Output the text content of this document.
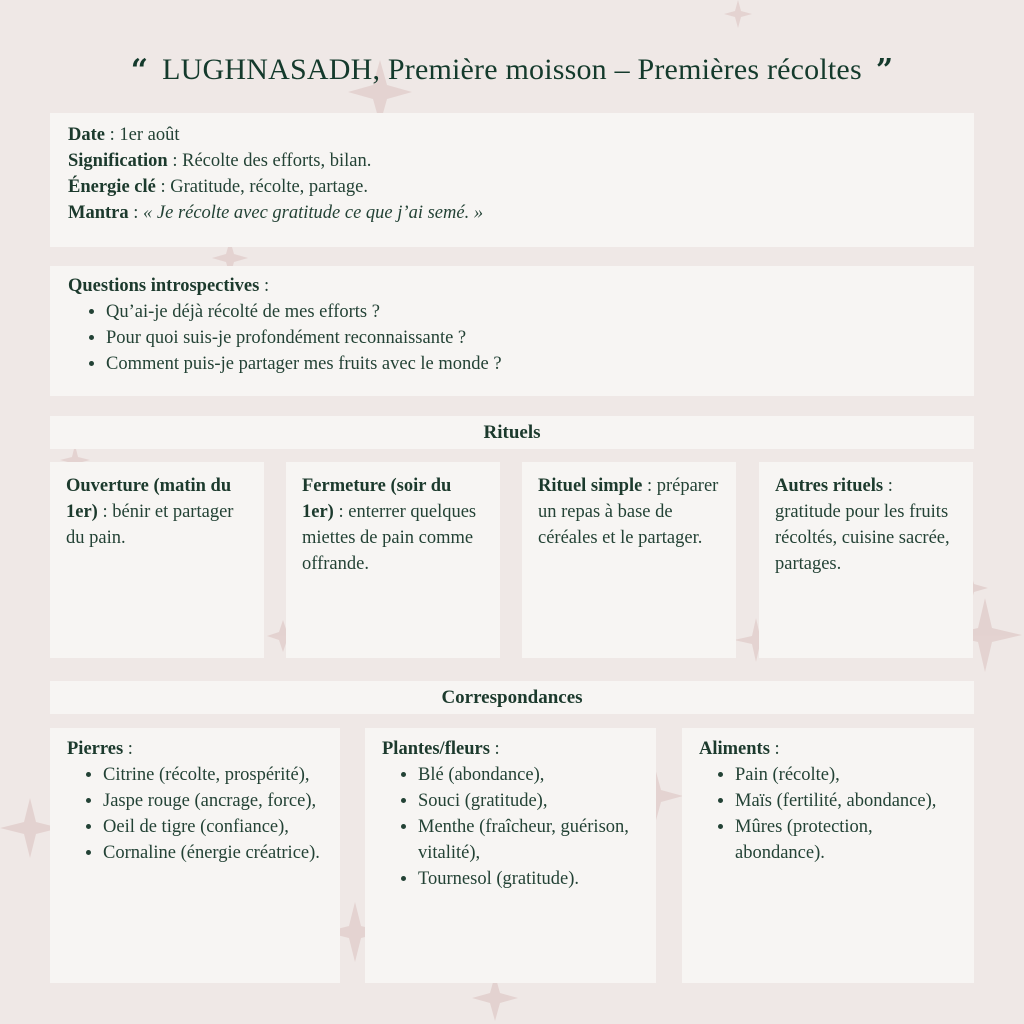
“ LUGHNASADH, Première moisson – Premières récoltes ”
Date : 1er août
Signification : Récolte des efforts, bilan.
Énergie clé : Gratitude, récolte, partage.
Mantra : « Je récolte avec gratitude ce que j’ai semé. »
Questions introspectives :
• Qu’ai-je déjà récolté de mes efforts ?
• Pour quoi suis-je profondément reconnaissante ?
• Comment puis-je partager mes fruits avec le monde ?
Rituels
Ouverture (matin du 1er) : bénir et partager du pain.
Fermeture (soir du 1er) : enterrer quelques miettes de pain comme offrande.
Rituel simple : préparer un repas à base de céréales et le partager.
Autres rituels : gratitude pour les fruits récoltés, cuisine sacrée, partages.
Correspondances
Pierres :
• Citrine (récolte, prospérité),
• Jaspe rouge (ancrage, force),
• Oeil de tigre (confiance),
• Cornaline (énergie créatrice).
Plantes/fleurs :
• Blé (abondance),
• Souci (gratitude),
• Menthe (fraîcheur, guérison, vitalité),
• Tournesol (gratitude).
Aliments :
• Pain (récolte),
• Maïs (fertilité, abondance),
• Mûres (protection, abondance).
